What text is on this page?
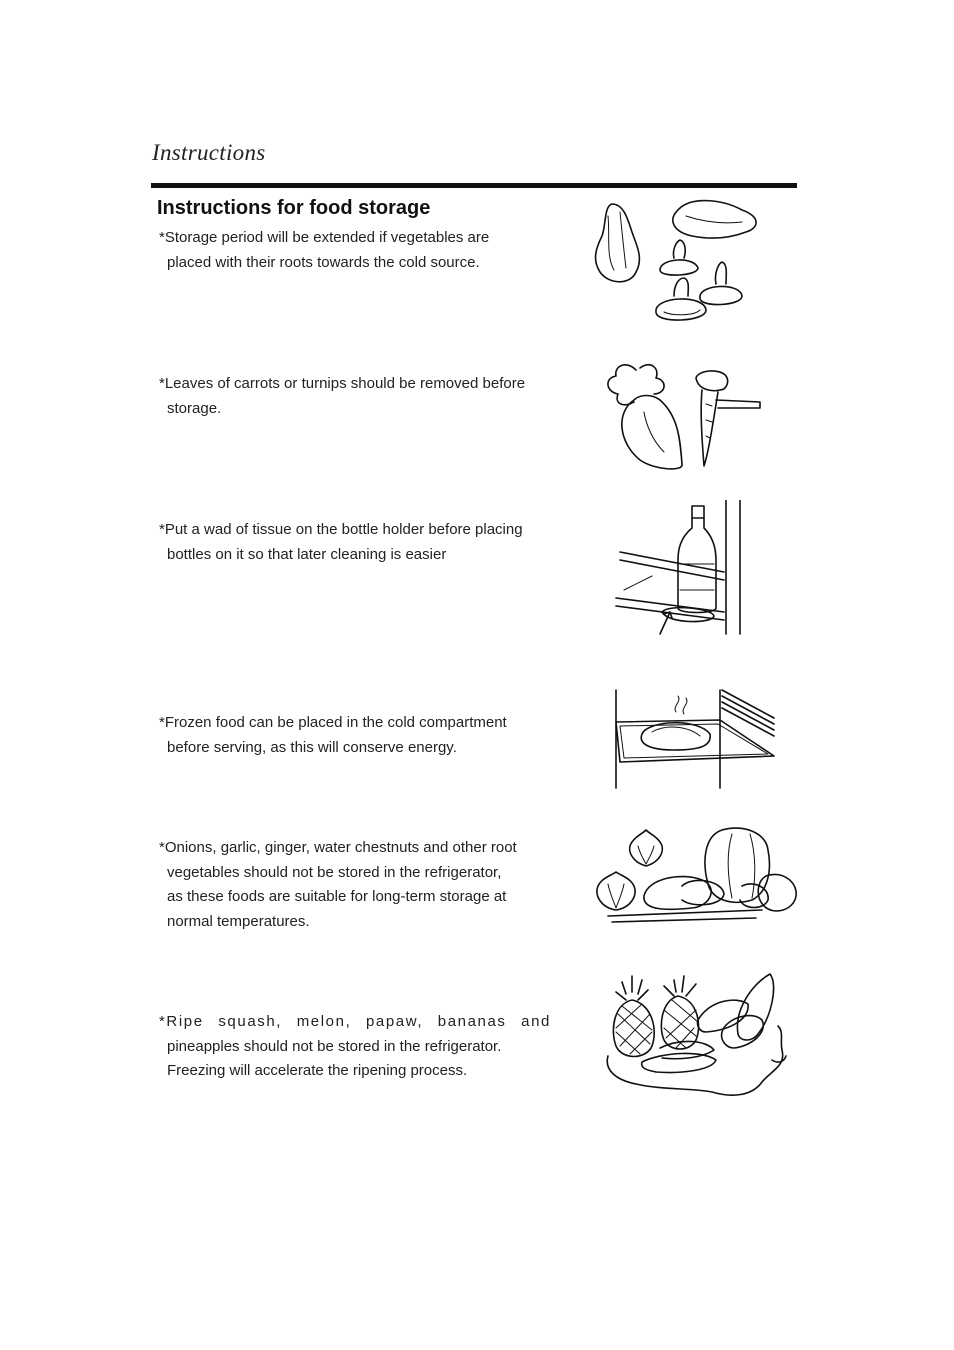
Instructions
Instructions for food storage
*Storage period will be extended if vegetables are
placed with their roots towards the cold source.
*Leaves of carrots or turnips should be removed before
storage.
*Put a wad of tissue on the bottle holder before placing
bottles on it so that later cleaning is easier
*Frozen food can be placed in the cold compartment
before serving, as this will conserve energy.
*Onions, garlic, ginger, water chestnuts and other root
vegetables should not be stored in the refrigerator,
as these foods are suitable for long-term storage at
normal temperatures.
*Ripe squash, melon, papaw, bananas and
pineapples should not be stored in the refrigerator.
Freezing will accelerate the ripening process.
